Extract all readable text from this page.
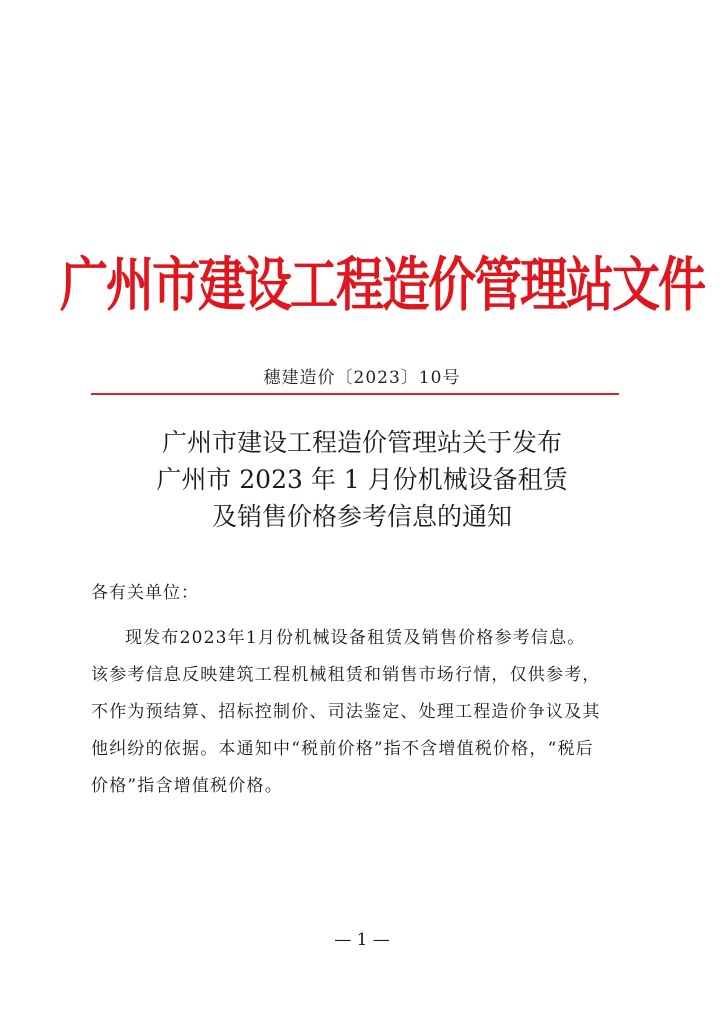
广州市建设工程造价管理站文件
穗建造价〔2023〕10号
广州市建设工程造价管理站关于发布
广州市 2023 年 1 月份机械设备租赁
及销售价格参考信息的通知
各有关单位：
现发布2023年1月份机械设备租赁及销售价格参考信息。
该参考信息反映建筑工程机械租赁和销售市场行情，仅供参考，
不作为预结算、招标控制价、司法鉴定、处理工程造价争议及其
他纠纷的依据。本通知中“税前价格”指不含增值税价格，“税后
价格”指含增值税价格。
— 1 —
